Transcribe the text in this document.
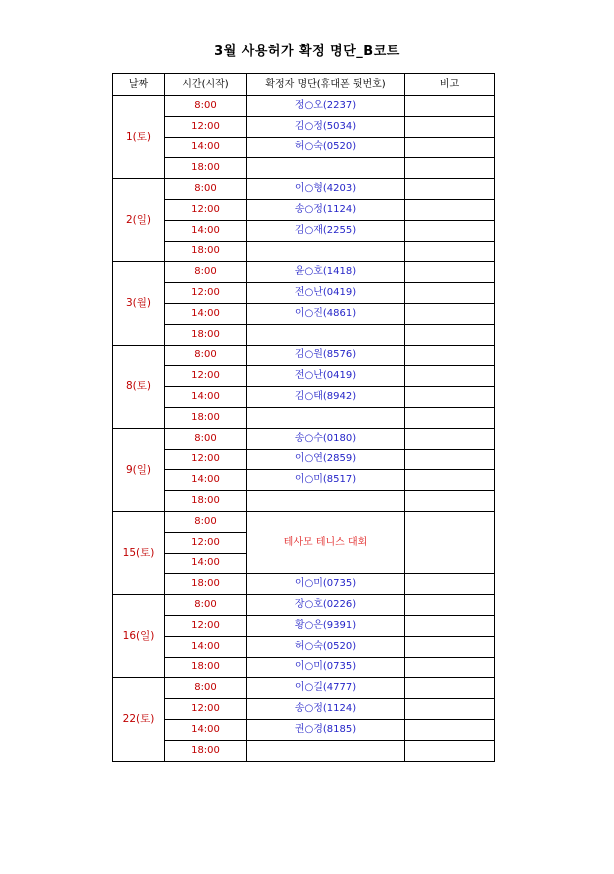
3월 사용허가 확정 명단_B코트
날짜	시간(시작)	확정자 명단(휴대폰 뒷번호)	비고
1(토)	8:00	정○오(2237)	
	12:00	김○정(5034)	
	14:00	허○숙(0520)	
	18:00		
2(일)	8:00	이○형(4203)	
	12:00	송○정(1124)	
	14:00	김○재(2255)	
	18:00		
3(월)	8:00	윤○호(1418)	
	12:00	전○난(0419)	
	14:00	이○진(4861)	
	18:00		
8(토)	8:00	김○원(8576)	
	12:00	전○난(0419)	
	14:00	김○태(8942)	
	18:00		
9(일)	8:00	송○수(0180)	
	12:00	이○연(2859)	
	14:00	이○미(8517)	
	18:00		
15(토)	8:00	테사모 테니스 대회	
	12:00		
	14:00		
	18:00	이○미(0735)	
16(일)	8:00	장○호(0226)	
	12:00	황○은(9391)	
	14:00	허○숙(0520)	
	18:00	이○미(0735)	
22(토)	8:00	이○길(4777)	
	12:00	송○정(1124)	
	14:00	권○경(8185)	
	18:00		
